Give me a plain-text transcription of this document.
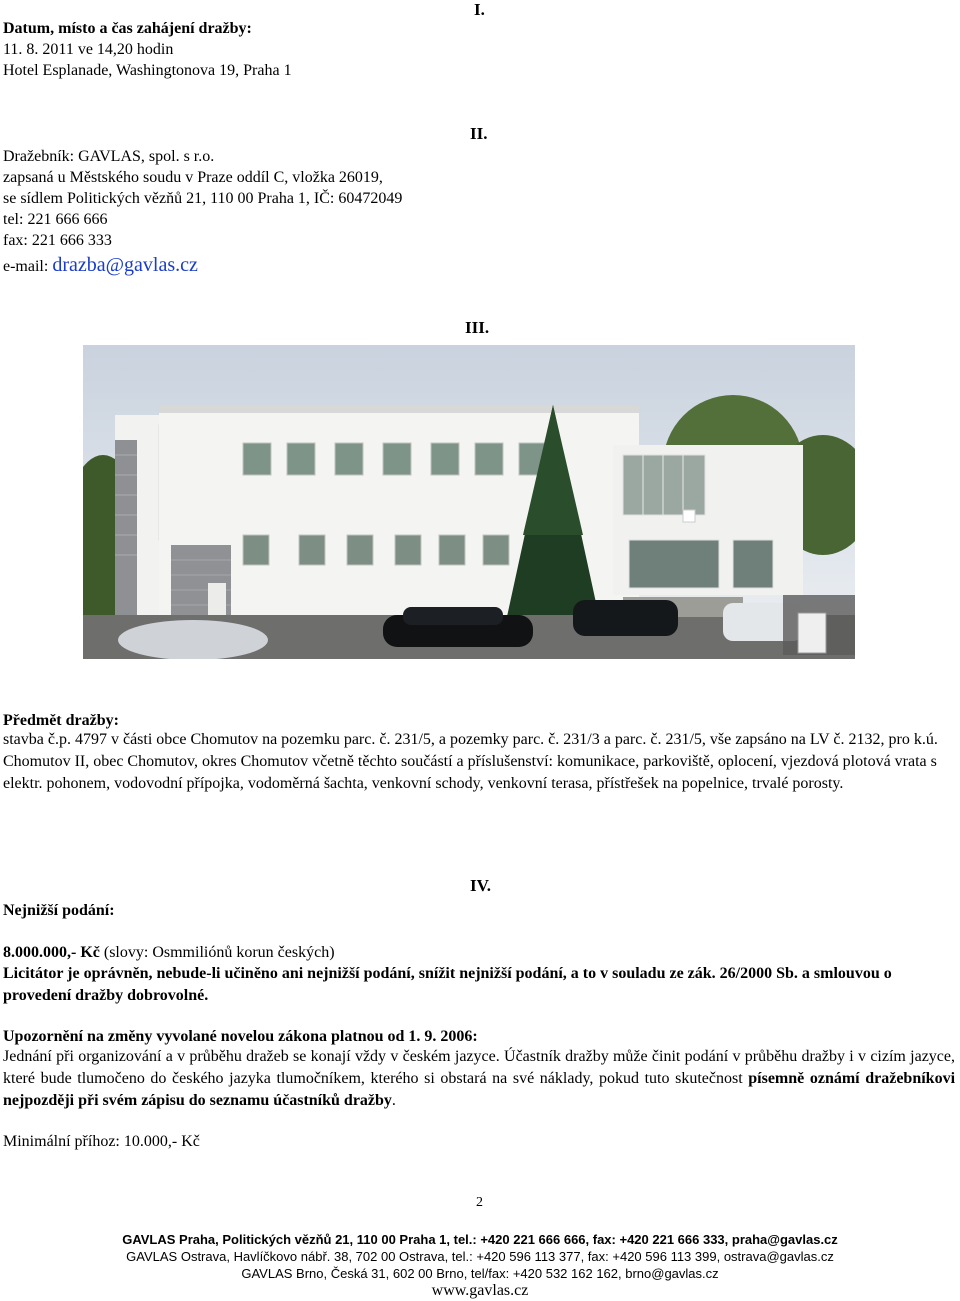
Datum, místo a čas zahájení dražby:
I.
11. 8. 2011 ve 14,20 hodin
Hotel Esplanade, Washingtonova 19, Praha 1
II.
Dražebník: GAVLAS, spol. s r.o.
zapsaná u Městského soudu v Praze oddíl C, vložka 26019,
se sídlem Politických vězňů 21, 110 00 Praha 1, IČ: 60472049
tel: 221 666 666
fax: 221 666 333
e-mail: drazba@gavlas.cz
III.
Předmět dražby:
stavba č.p. 4797 v části obce Chomutov na pozemku parc. č. 231/5, a pozemky parc. č. 231/3 a parc. č. 231/5, vše zapsáno na LV č. 2132, pro k.ú. Chomutov II, obec Chomutov, okres Chomutov včetně těchto součástí a příslušenství: komunikace, parkoviště, oplocení, vjezdová plotová vrata s elektr. pohonem, vodovodní přípojka, vodoměrná šachta, venkovní schody, venkovní terasa, přístřešek na popelnice, trvalé porosty.
IV.
Nejnižší podání:
8.000.000,- Kč (slovy: Osmmiliónů korun českých)
Licitátor je oprávněn, nebude-li učiněno ani nejnižší podání, snížit nejnižší podání, a to v souladu ze zák. 26/2000 Sb. a smlouvou o provedení dražby dobrovolné.
Upozornění na změny vyvolané novelou zákona platnou od 1. 9. 2006:
Jednání při organizování a v průběhu dražeb se konají vždy v českém jazyce. Účastník dražby může činit podání v průběhu dražby i v cizím jazyce, které bude tlumočeno do českého jazyka tlumočníkem, kterého si obstará na své náklady, pokud tuto skutečnost písemně oznámí dražebníkovi nejpozději při svém zápisu do seznamu účastníků dražby.
Minimální příhoz: 10.000,- Kč
2
GAVLAS Praha, Politických vězňů 21, 110 00 Praha 1, tel.: +420 221 666 666, fax: +420 221 666 333, praha@gavlas.cz
GAVLAS Ostrava, Havlíčkovo nábř. 38, 702 00 Ostrava, tel.: +420 596 113 377, fax: +420 596 113 399, ostrava@gavlas.cz
GAVLAS Brno, Česká 31, 602 00 Brno, tel/fax: +420 532 162 162, brno@gavlas.cz
www.gavlas.cz
